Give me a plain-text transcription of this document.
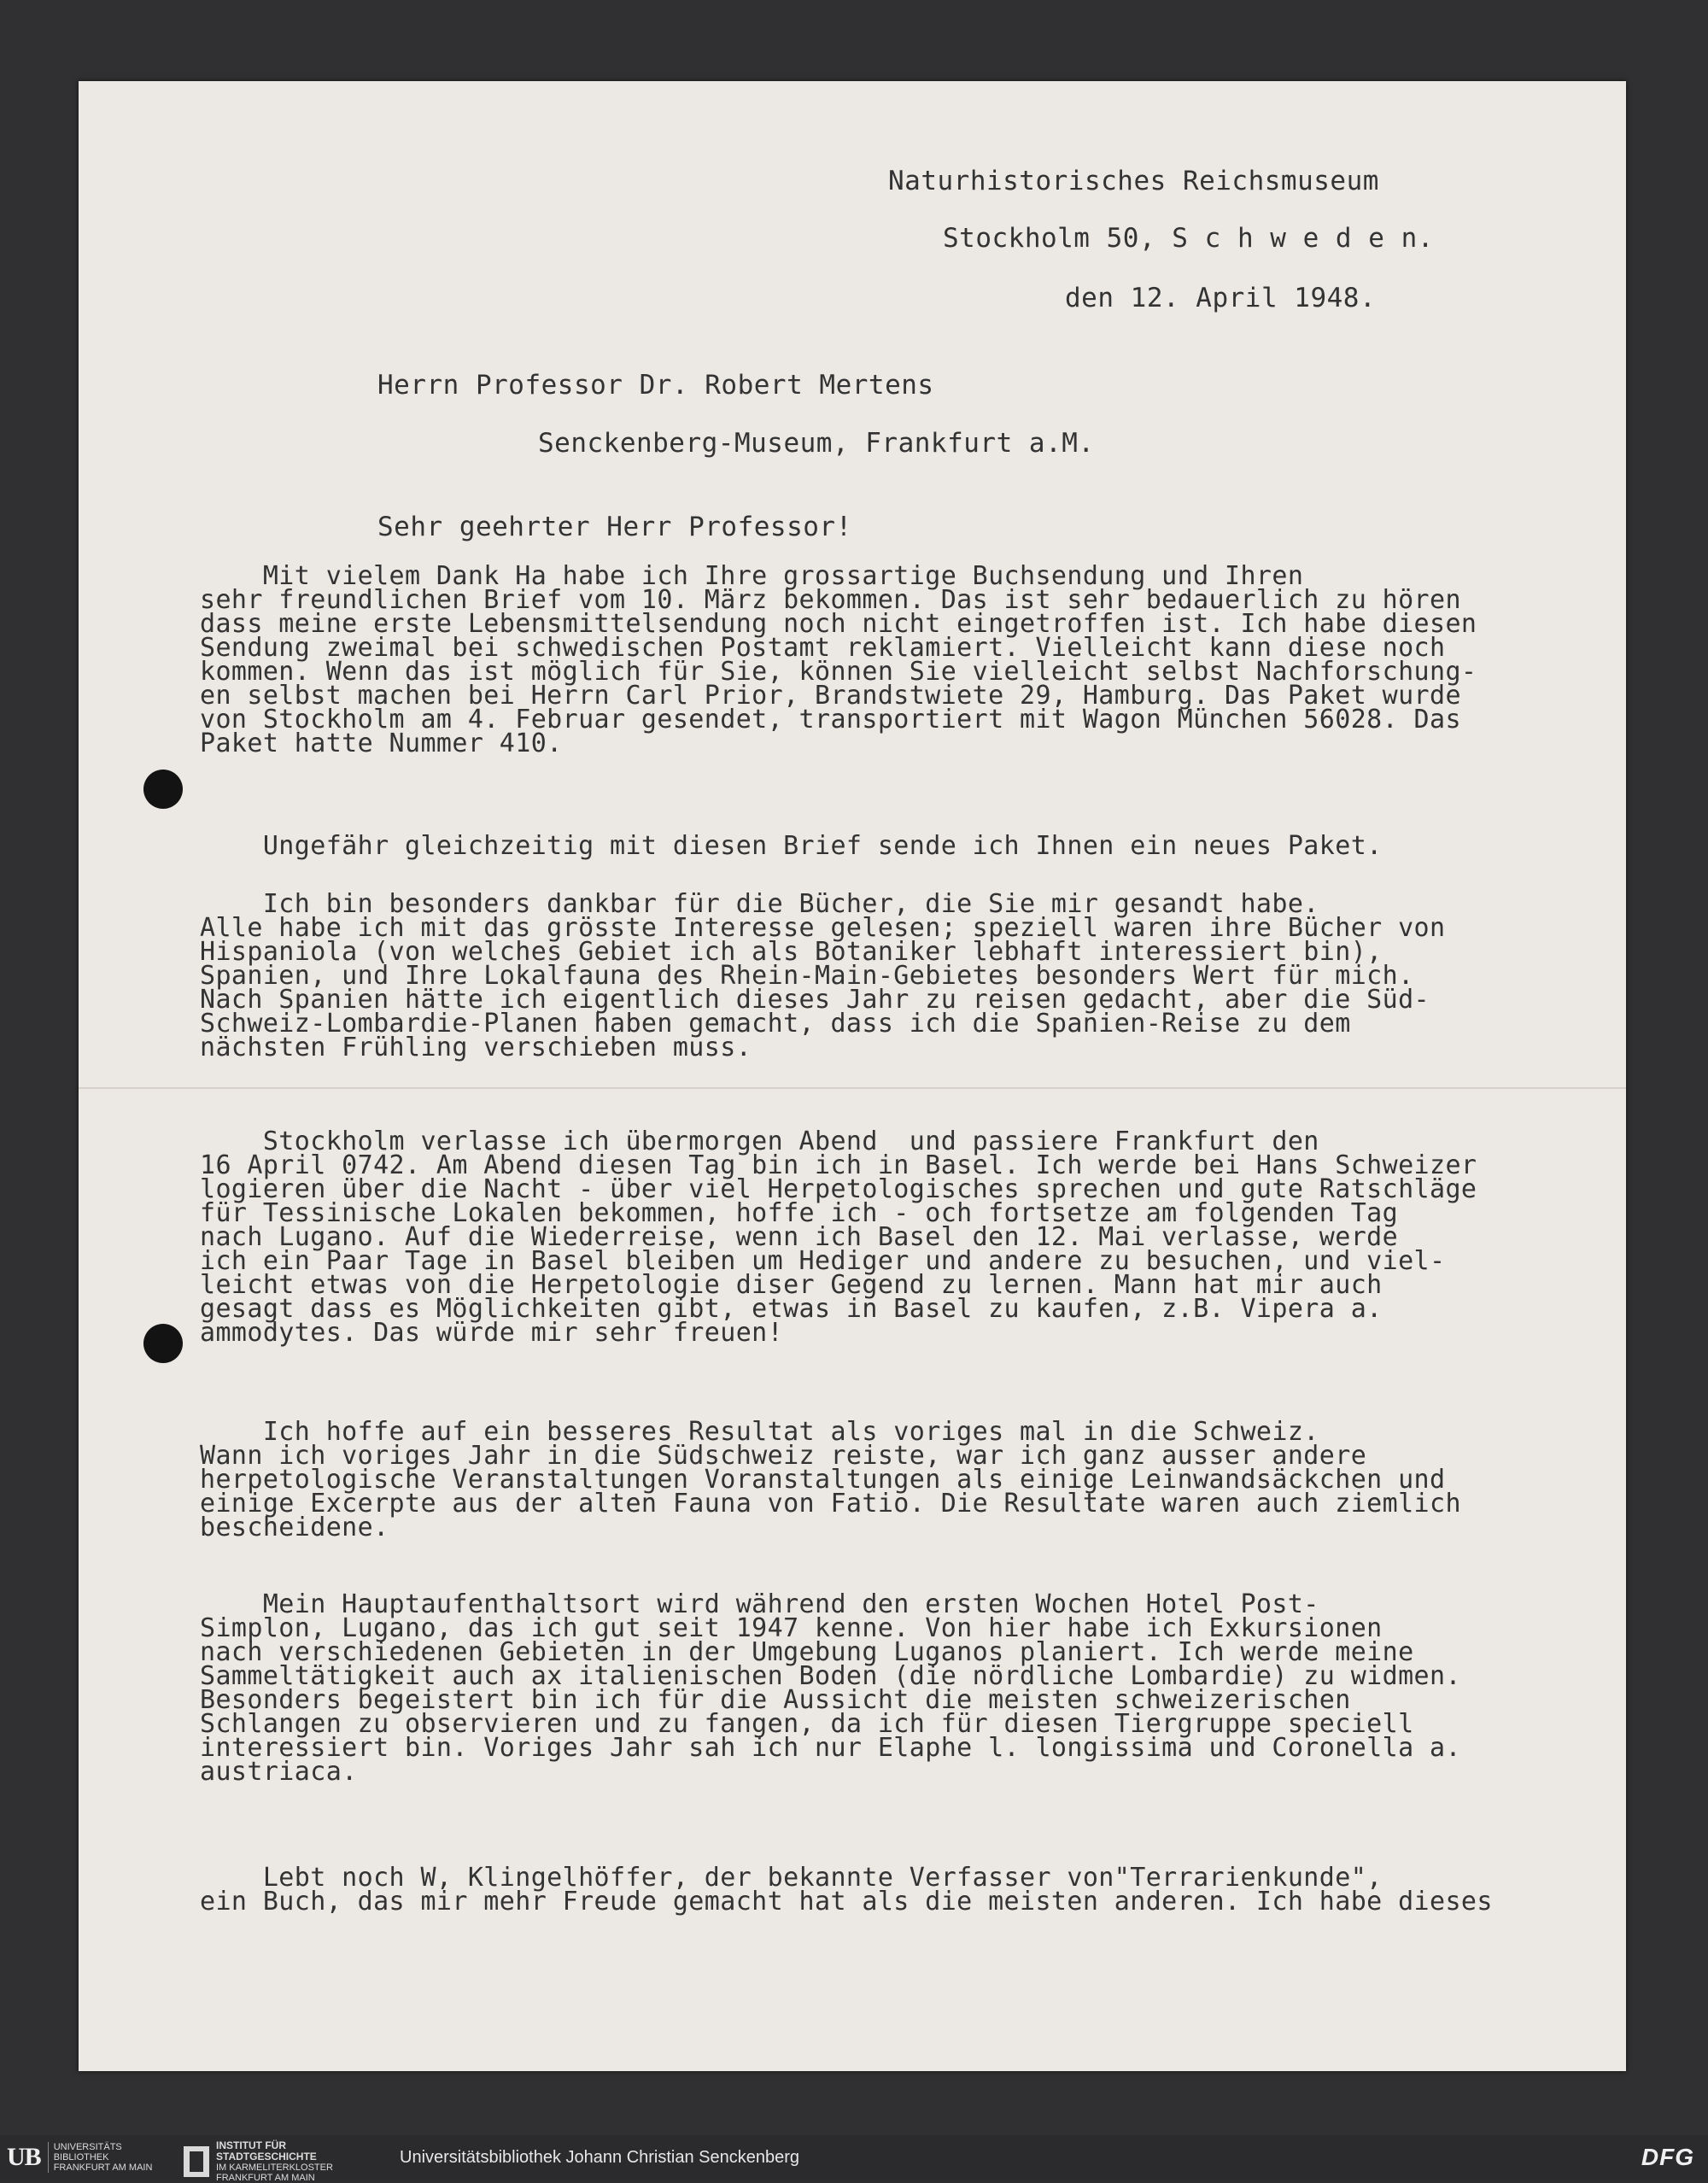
Naturhistorisches Reichsmuseum
Stockholm 50, S c h w e d e n.
den 12. April 1948.
Herrn Professor Dr. Robert Mertens
Senckenberg-Museum, Frankfurt a.M.
Sehr geehrter Herr Professor!
Mit vielem Dank Ha habe ich Ihre grossartige Buchsendung und Ihren
sehr freundlichen Brief vom 10. März bekommen. Das ist sehr bedauerlich zu hören
dass meine erste Lebensmittelsendung noch nicht eingetroffen ist. Ich habe diesen
Sendung zweimal bei schwedischen Postamt reklamiert. Vielleicht kann diese noch
kommen. Wenn das ist möglich für Sie, können Sie vielleicht selbst Nachforschung-
en selbst machen bei Herrn Carl Prior, Brandstwiete 29, Hamburg. Das Paket wurde
von Stockholm am 4. Februar gesendet, transportiert mit Wagon München 56028. Das
Paket hatte Nummer 410.
Ungefähr gleichzeitig mit diesen Brief sende ich Ihnen ein neues Paket.
Ich bin besonders dankbar für die Bücher, die Sie mir gesandt habe.
Alle habe ich mit das grösste Interesse gelesen; speziell waren ihre Bücher von
Hispaniola (von welches Gebiet ich als Botaniker lebhaft interessiert bin),
Spanien, und Ihre Lokalfauna des Rhein-Main-Gebietes besonders Wert für mich.
Nach Spanien hätte ich eigentlich dieses Jahr zu reisen gedacht, aber die Süd-
Schweiz-Lombardie-Planen haben gemacht, dass ich die Spanien-Reise zu dem
nächsten Frühling verschieben muss.
Stockholm verlasse ich übermorgen Abend  und passiere Frankfurt den
16 April 0742. Am Abend diesen Tag bin ich in Basel. Ich werde bei Hans Schweizer
logieren über die Nacht - über viel Herpetologisches sprechen und gute Ratschläge
für Tessinische Lokalen bekommen, hoffe ich - och fortsetze am folgenden Tag
nach Lugano. Auf die Wiederreise, wenn ich Basel den 12. Mai verlasse, werde
ich ein Paar Tage in Basel bleiben um Hediger und andere zu besuchen, und viel-
leicht etwas von die Herpetologie diser Gegend zu lernen. Mann hat mir auch
gesagt dass es Möglichkeiten gibt, etwas in Basel zu kaufen, z.B. Vipera a.
ammodytes. Das würde mir sehr freuen!
Ich hoffe auf ein besseres Resultat als voriges mal in die Schweiz.
Wann ich voriges Jahr in die Südschweiz reiste, war ich ganz ausser andere
herpetologische Veranstaltungen Voranstaltungen als einige Leinwandsäckchen und
einige Excerpte aus der alten Fauna von Fatio. Die Resultate waren auch ziemlich
bescheidene.
Mein Hauptaufenthaltsort wird während den ersten Wochen Hotel Post-
Simplon, Lugano, das ich gut seit 1947 kenne. Von hier habe ich Exkursionen
nach verschiedenen Gebieten in der Umgebung Luganos planiert. Ich werde meine
Sammeltätigkeit auch ax italienischen Boden (die nördliche Lombardie) zu widmen.
Besonders begeistert bin ich für die Aussicht die meisten schweizerischen
Schlangen zu observieren und zu fangen, da ich für diesen Tiergruppe speciell
interessiert bin. Voriges Jahr sah ich nur Elaphe l. longissima und Coronella a.
austriaca.
Lebt noch W, Klingelhöffer, der bekannte Verfasser von"Terrarienkunde",
ein Buch, das mir mehr Freude gemacht hat als die meisten anderen. Ich habe dieses
UB	UNIVERSITÄTS
BIBLIOTHEK
FRANKFURT AM MAIN
INSTITUT FÜR
STADTGESCHICHTE
IM KARMELITERKLOSTER
FRANKFURT AM MAIN
Universitätsbibliothek Johann Christian Senckenberg	DFG
